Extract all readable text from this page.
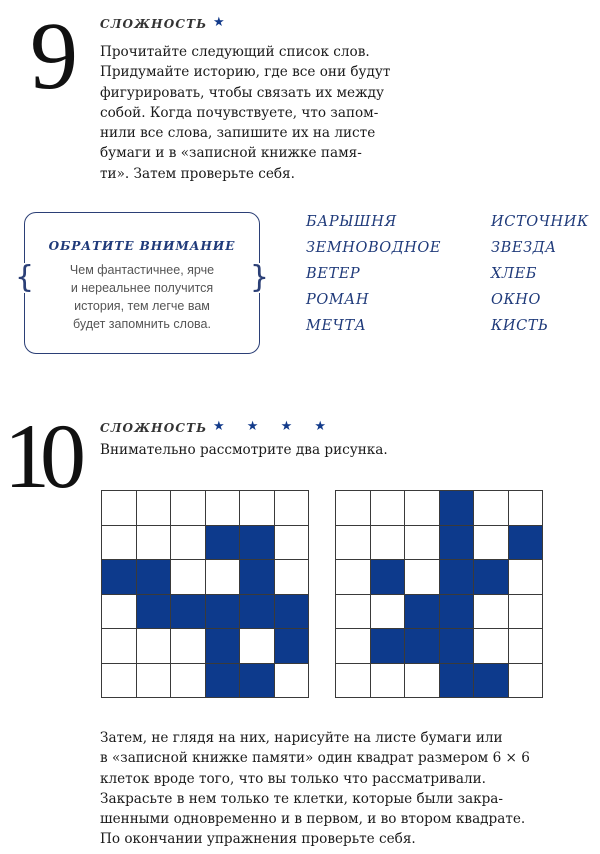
9 СЛОЖНОСТЬ ★
Прочитайте следующий список слов.
Придумайте историю, где все они будут
фигурировать, чтобы связать их между
собой. Когда почувствуете, что запом-
нили все слова, запишите их на листе
бумаги и в «записной книжке памя-
ти». Затем проверьте себя.
{	}
ОБРАТИТЕ ВНИМАНИЕ
Чем фантастичнее, ярче
и нереальнее получится
история, тем легче вам
будет запомнить слова.
БАРЫШНЯ
ЗЕМНОВОДНОЕ
ВЕТЕР
РОМАН
МЕЧТА
ИСТОЧНИК
ЗВЕЗДА
ХЛЕБ
ОКНО
КИСТЬ
10 СЛОЖНОСТЬ ★ ★ ★ ★
Внимательно рассмотрите два рисунка.
Затем, не глядя на них, нарисуйте на листе бумаги или
в «записной книжке памяти» один квадрат размером 6 × 6
клеток вроде того, что вы только что рассматривали.
Закрасьте в нем только те клетки, которые были закра-
шенными одновременно и в первом, и во втором квадрате.
По окончании упражнения проверьте себя.
